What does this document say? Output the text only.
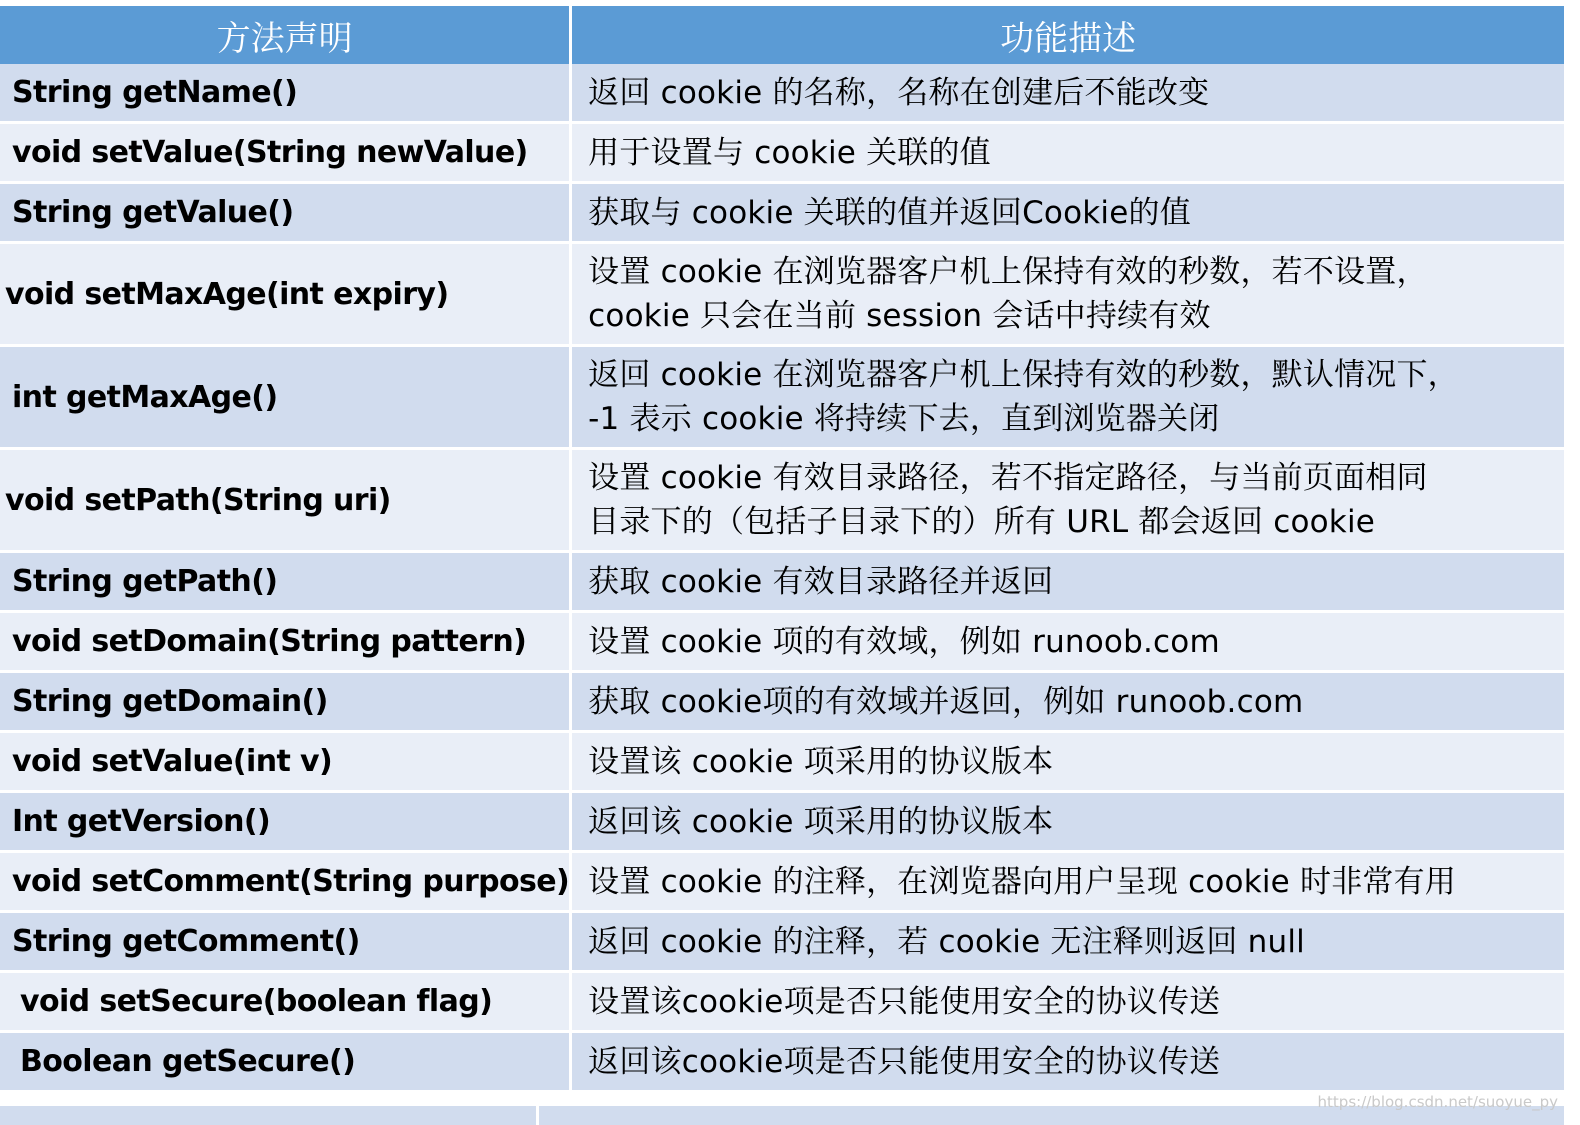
方法声明	功能描述
String getName()	返回 cookie 的名称，名称在创建后不能改变

void setValue(String newValue)	用于设置与 cookie 关联的值

String getValue()	获取与 cookie 关联的值并返回Cookie的值

void setMaxAge(int expiry)	设置 cookie 在浏览器客户机上保持有效的秒数，若不设置，
cookie 只会在当前 session 会话中持续有效

int getMaxAge()	返回 cookie 在浏览器客户机上保持有效的秒数，默认情况下，
-1 表示 cookie 将持续下去，直到浏览器关闭

void setPath(String uri)	设置 cookie 有效目录路径，若不指定路径，与当前页面相同
目录下的（包括子目录下的）所有 URL 都会返回 cookie

String getPath()	获取 cookie 有效目录路径并返回

void setDomain(String pattern)	设置 cookie 项的有效域，例如 runoob.com

String getDomain()	获取 cookie项的有效域并返回，例如 runoob.com

void setValue(int v)	设置该 cookie 项采用的协议版本

Int getVersion()	返回该 cookie 项采用的协议版本

void setComment(String purpose)	设置 cookie 的注释，在浏览器向用户呈现 cookie 时非常有用

String getComment()	返回 cookie 的注释，若 cookie 无注释则返回 null

void setSecure(boolean flag)	设置该cookie项是否只能使用安全的协议传送

Boolean getSecure()	返回该cookie项是否只能使用安全的协议传送
https://blog.csdn.net/suoyue_py
